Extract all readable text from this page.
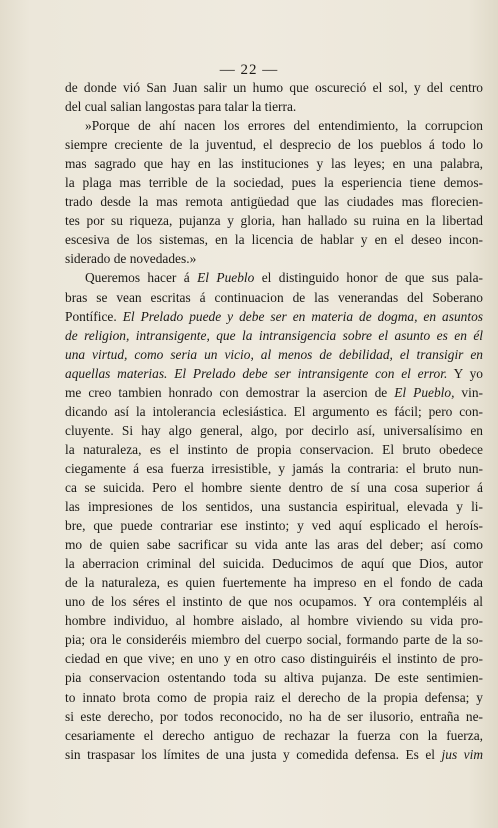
— 22 —
de donde vió San Juan salir un humo que oscureció el sol, y del centro
del cual salian langostas para talar la tierra.
»Porque de ahí nacen los errores del entendimiento, la corrupcion
siempre creciente de la juventud, el desprecio de los pueblos á todo lo
mas sagrado que hay en las instituciones y las leyes; en una palabra,
la plaga mas terrible de la sociedad, pues la esperiencia tiene demos-
trado desde la mas remota antigüedad que las ciudades mas florecien-
tes por su riqueza, pujanza y gloria, han hallado su ruina en la libertad
escesiva de los sistemas, en la licencia de hablar y en el deseo incon-
siderado de novedades.»
Queremos hacer á El Pueblo el distinguido honor de que sus pala-
bras se vean escritas á continuacion de las venerandas del Soberano
Pontífice. El Prelado puede y debe ser en materia de dogma, en asuntos
de religion, intransigente, que la intransigencia sobre el asunto es en él
una virtud, como seria un vicio, al menos de debilidad, el transigir en
aquellas materias. El Prelado debe ser intransigente con el error. Y yo
me creo tambien honrado con demostrar la asercion de El Pueblo, vin-
dicando así la intolerancia eclesiástica. El argumento es fácil; pero con-
cluyente. Si hay algo general, algo, por decirlo así, universalísimo en
la naturaleza, es el instinto de propia conservacion. El bruto obedece
ciegamente á esa fuerza irresistible, y jamás la contraria: el bruto nun-
ca se suicida. Pero el hombre siente dentro de sí una cosa superior á
las impresiones de los sentidos, una sustancia espiritual, elevada y li-
bre, que puede contrariar ese instinto; y ved aquí esplicado el heroís-
mo de quien sabe sacrificar su vida ante las aras del deber; así como
la aberracion criminal del suicida. Deducimos de aquí que Dios, autor
de la naturaleza, es quien fuertemente ha impreso en el fondo de cada
uno de los séres el instinto de que nos ocupamos. Y ora contempléis al
hombre individuo, al hombre aislado, al hombre viviendo su vida pro-
pia; ora le consideréis miembro del cuerpo social, formando parte de la so-
ciedad en que vive; en uno y en otro caso distinguiréis el instinto de pro-
pia conservacion ostentando toda su altiva pujanza. De este sentimien-
to innato brota como de propia raiz el derecho de la propia defensa; y
si este derecho, por todos reconocido, no ha de ser ilusorio, entraña ne-
cesariamente el derecho antiguo de rechazar la fuerza con la fuerza,
sin traspasar los límites de una justa y comedida defensa. Es el jus vim
